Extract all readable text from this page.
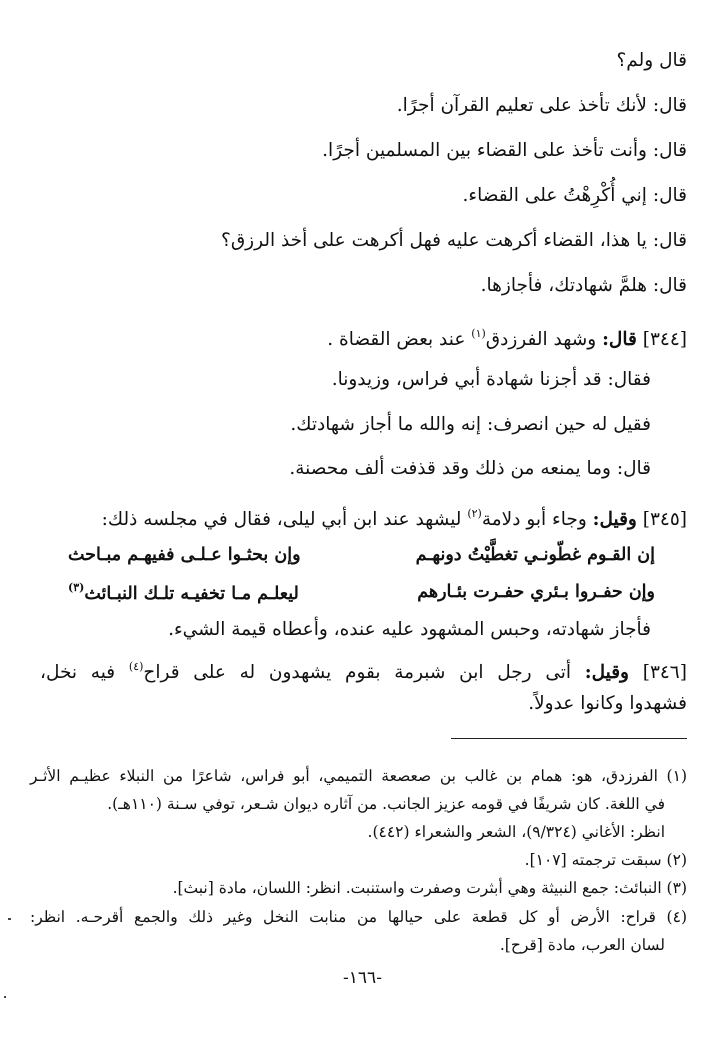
قال ولم؟
قال: لأنك تأخذ على تعليم القرآن أجرًا.
قال: وأنت تأخذ على القضاء بين المسلمين أجرًا.
قال: إني أُكْرِهْتُ على القضاء.
قال: يا هذا، القضاء أكرهت عليه فهل أكرهت على أخذ الرزق؟
قال: هلمَّ شهادتك، فأجازها.
[٣٤٤] قال: وشهد الفرزدق$^{(١)}$ عند بعض القضاة .
فقال: قد أجزنا شهادة أبي فراس، وزيدونا.
فقيل له حين انصرف: إنه والله ما أجاز شهادتك.
قال: وما يمنعه من ذلك وقد قذفت ألف محصنة.
[٣٤٥] وقيل: وجاء أبو دلامة$^{(٢)}$ ليشهد عند ابن أبي ليلى، فقال في مجلسه ذلك:
إن القـوم غطّونـي تغطَّيْتُ دونهـم
وإن بحثـوا عـلـى ففيهـم مبـاحث
وإن حفـروا بـئري حفـرت بئـارهم
ليعلـم مـا تخفيـه تلـك النبـائث$^{(٣)}$
فأجاز شهادته، وحبس المشهود عليه عنده، وأعطاه قيمة الشيء.
[٣٤٦] وقيل: أتى رجل ابن شبرمة بقوم يشهدون له على قراح$^{(٤)}$ فيه نخل،
فشهدوا وكانوا عدولاً.
(١) الفرزدق، هو: همام بن غالب بن صعصعة التميمي، أبو فراس، شاعرًا من النبلاء عظيـم الأثـر
في اللغة. كان شريفًا في قومه عزيز الجانب. من آثاره ديوان شـعر، توفي سـنة (١١٠هـ).
انظر: الأغاني (٩/٣٢٤)، الشعر والشعراء (٤٤٢).
(٢) سبقت ترجمته [١٠٧].
(٣) النبائث: جمع النبيثة وهي أبثرت وصفرت واستنبت. انظر: اللسان، مادة [نبث].
(٤) قراح: الأرض أو كل قطعة على حيالها من منابت النخل وغير ذلك والجمع أقرحـه. انظر:
لسان العرب، مادة [قرح].
-١٦٦-
